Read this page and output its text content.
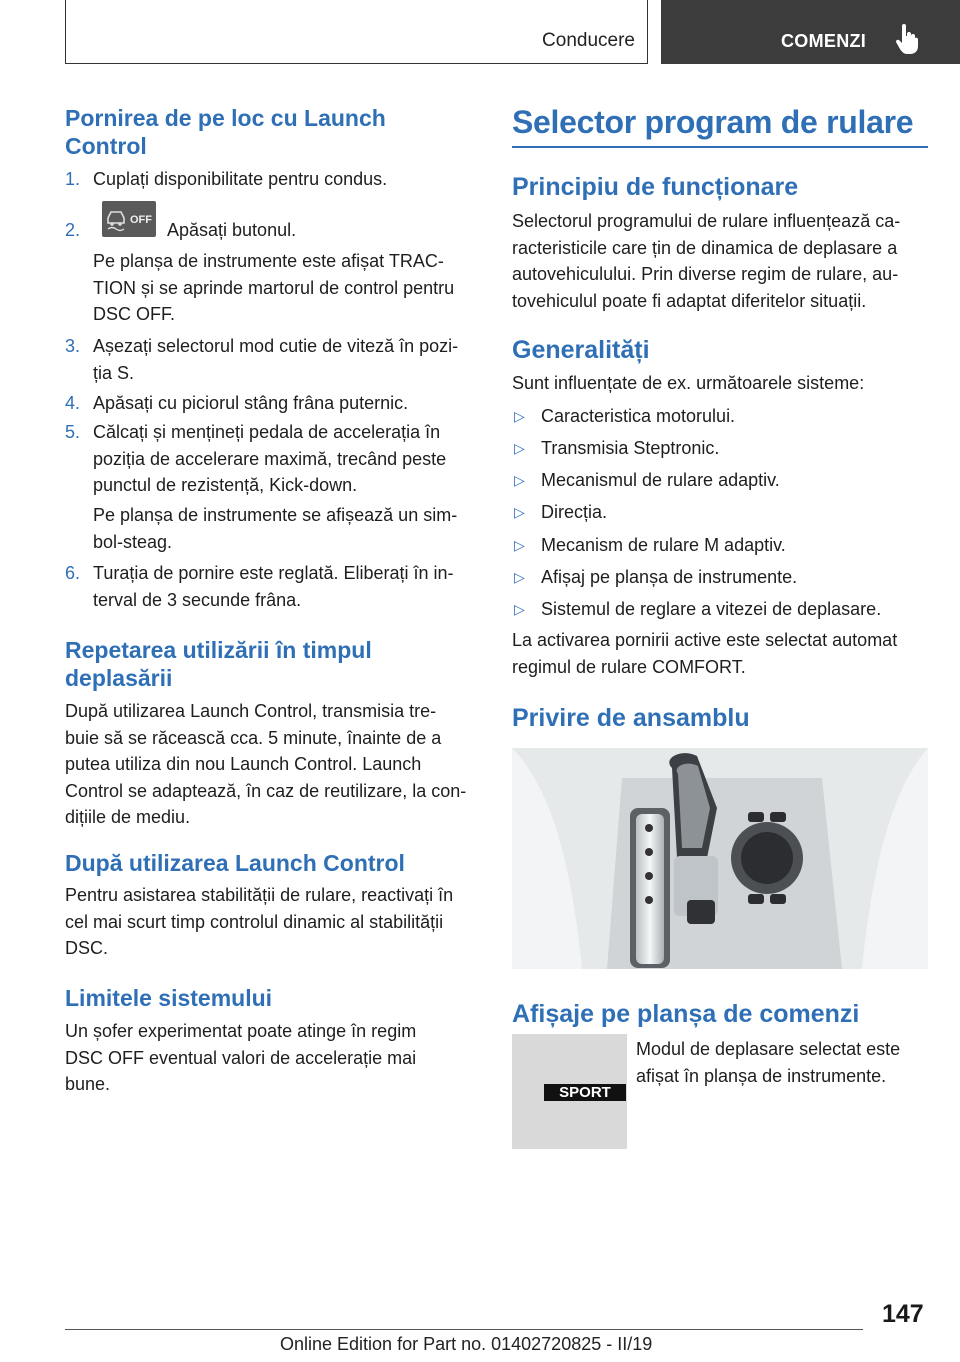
Conducere	COMENZI
Pornirea de pe loc cu Launch
Control
1. Cuplați disponibilitate pentru condus.

2.	OFF Apăsați butonul.

Pe planșa de instrumente este afișat TRAC‐
TION și se aprinde martorul de control pentru
DSC OFF.

3. Așezați selectorul mod cutie de viteză în pozi‐
ția S.

4. Apăsați cu piciorul stâng frâna puternic.

5. Călcați și mențineți pedala de accelerația în
poziția de accelerare maximă, trecând peste
punctul de rezistență, Kick-down.

Pe planșa de instrumente se afișează un sim‐
bol-steag.

6. Turația de pornire este reglată. Eliberați în in‐
terval de 3 secunde frâna.

Repetarea utilizării în timpul
deplasării

După utilizarea Launch Control, transmisia tre‐
buie să se răcească cca. 5 minute, înainte de a
putea utiliza din nou Launch Control. Launch
Control se adaptează, în caz de reutilizare, la con‐
dițiile de mediu.

După utilizarea Launch Control

Pentru asistarea stabilității de rulare, reactivați în
cel mai scurt timp controlul dinamic al stabilității
DSC.

Limitele sistemului

Un șofer experimentat poate atinge în regim
DSC OFF eventual valori de accelerație mai
bune.

Selector program de rulare
Principiu de funcționare

Selectorul programului de rulare influențează ca‐
racteristicile care țin de dinamica de deplasare a
autovehiculului. Prin diverse regim de rulare, au‐
tovehiculul poate fi adaptat diferitelor situații.

Generalități

Sunt influențate de ex. următoarele sisteme:

▷ Caracteristica motorului.

▷ Transmisia Steptronic.

▷ Mecanismul de rulare adaptiv.

▷ Direcția.

▷ Mecanism de rulare M adaptiv.

▷ Afișaj pe planșa de instrumente.

▷ Sistemul de reglare a vitezei de deplasare.

La activarea pornirii active este selectat automat
regimul de rulare COMFORT.

Privire de ansamblu
Afișaje pe planșa de comenzi
SPORT

Modul de deplasare selectat este
afișat în planșa de instrumente.

147
Online Edition for Part no. 01402720825 - II/19
